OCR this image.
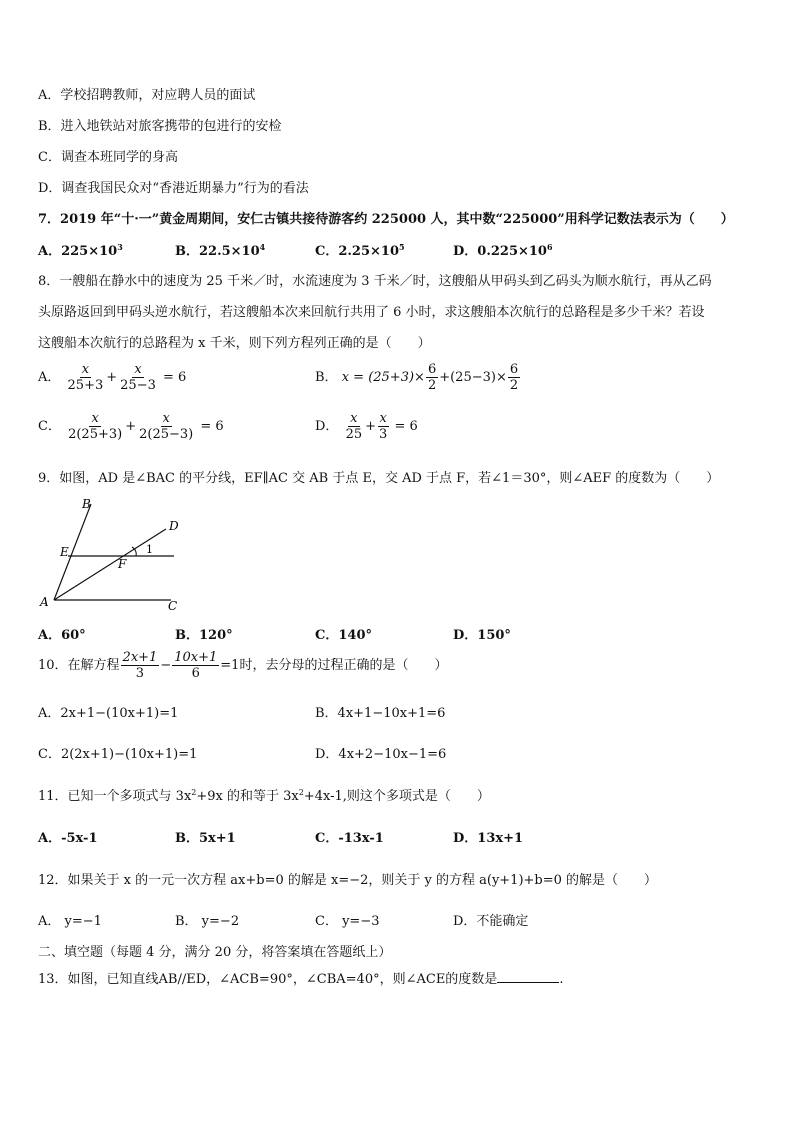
A．学校招聘教师，对应聘人员的面试
B．进入地铁站对旅客携带的包进行的安检
C．调查本班同学的身高
D．调查我国民众对“香港近期暴力”行为的看法
7．2019 年“十·一”黄金周期间，安仁古镇共接待游客约 225000 人，其中数“225000”用科学记数法表示为（　　）
A．$225\times 10^3$	B．$22.5\times 10^4$	C．$2.25\times 10^5$	D．$0.225\times 10^6$
8．一艘船在静水中的速度为 25 千米／时，水流速度为 3 千米／时，这艘船从甲码头到乙码头为顺水航行，再从乙码
头原路返回到甲码头逆水航行，若这艘船本次来回航行共用了 6 小时，求这艘船本次航行的总路程是多少千米？若设
这艘船本次航行的总路程为 x 千米，则下列方程列正确的是（　　）
A． $\frac{x}{25+3} + \frac{x}{25-3} = 6$	B． $x = (25+3)\times \frac{6}{2} +(25-3)\times \frac{6}{2}$
C． $\frac{x}{2(25+3)} + \frac{x}{2(25-3)} = 6$	D． $\frac{x}{25} + \frac{x}{3} = 6$
9．如图，AD 是∠BAC 的平分线，EF∥AC 交 AB 于点 E，交 AD 于点 F，若∠1＝30°，则∠AEF 的度数为（　　）
B
D
E	1
F
A	C
A．60°	B．120°	C．140°	D．150°
10．在解方程 $\frac{2x+1}{3} - \frac{10x+1}{6} =1$时，去分母的过程正确的是（　　）
A．2x+1−(10x+1)=1	B．4x+1−10x+1=6
C．2(2x+1)−(10x+1)=1	D．4x+2−10x−1=6
11．已知一个多项式与 $3x^2+9x$ 的和等于 $3x^2+4x-1$,则这个多项式是（　　）
A．-5x-1	B．5x+1	C．-13x-1	D．13x+1
12．如果关于 x 的一元一次方程 ax+b=0 的解是 x=−2，则关于 y 的方程 a(y+1)+b=0 的解是（　　）
A． y=−1	B． y=−2	C． y=−3	D．不能确定
二、填空题（每题 4 分，满分 20 分，将答案填在答题纸上）
13．如图，已知直线AB//ED，∠ACB=90°，∠CBA=40°，则∠ACE的度数是	.
